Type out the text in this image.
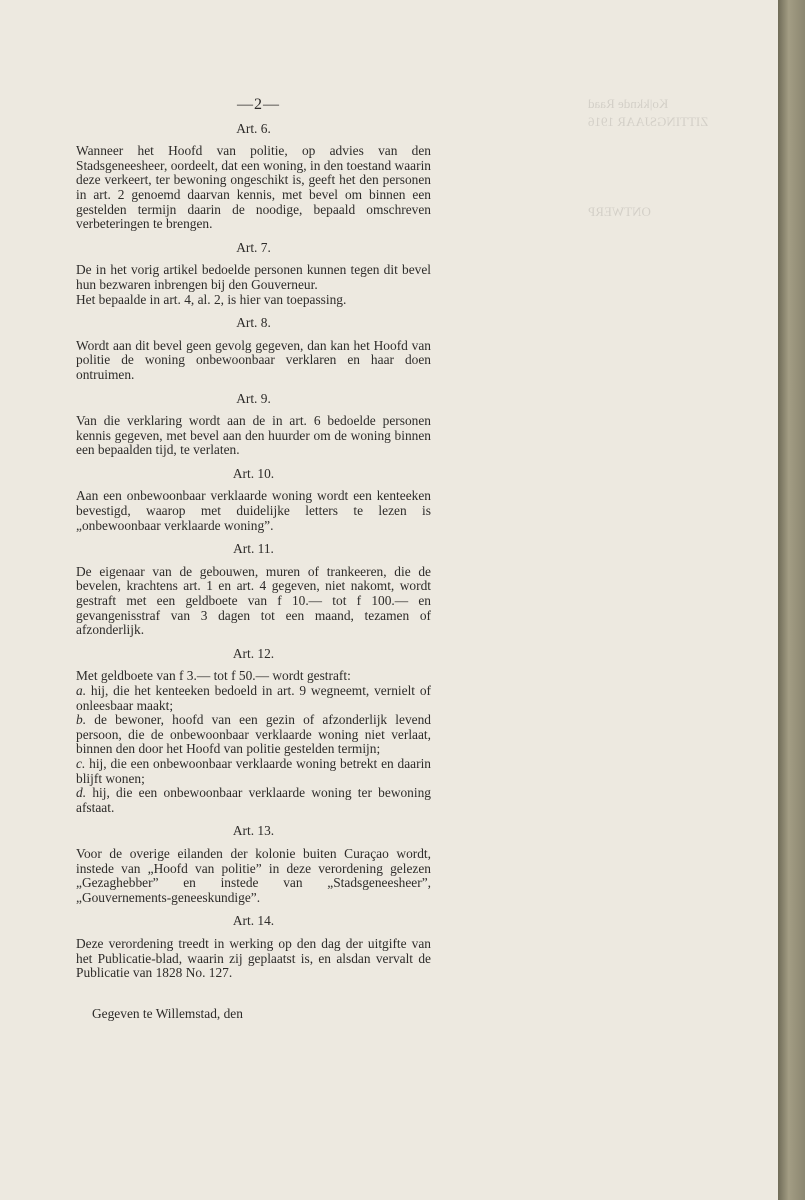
Ko|kknde Raad
ZITTINGSJAAR 1916

ONTWERP
—2—
Art. 6.
Wanneer het Hoofd van politie, op advies van den Stadsgeneesheer, oordeelt, dat een woning, in den toestand waarin deze verkeert, ter bewoning ongeschikt is, geeft het den personen in art. 2 genoemd daarvan kennis, met bevel om binnen een gestelden termijn daarin de noodige, bepaald omschreven verbeteringen te brengen.
Art. 7.
De in het vorig artikel bedoelde personen kunnen tegen dit bevel hun bezwaren inbrengen bij den Gouverneur.
Het bepaalde in art. 4, al. 2, is hier van toepassing.
Art. 8.
Wordt aan dit bevel geen gevolg gegeven, dan kan het Hoofd van politie de woning onbewoonbaar verklaren en haar doen ontruimen.
Art. 9.
Van die verklaring wordt aan de in art. 6 bedoelde personen kennis gegeven, met bevel aan den huurder om de woning binnen een bepaalden tijd, te verlaten.
Art. 10.
Aan een onbewoonbaar verklaarde woning wordt een kenteeken bevestigd, waarop met duidelijke letters te lezen is „onbewoonbaar verklaarde woning”.
Art. 11.
De eigenaar van de gebouwen, muren of trankeeren, die de bevelen, krachtens art. 1 en art. 4 gegeven, niet nakomt, wordt gestraft met een geldboete van f 10.— tot f 100.— en gevangenisstraf van 3 dagen tot een maand, tezamen of afzonderlijk.
Art. 12.
Met geldboete van f 3.— tot f 50.— wordt gestraft:
a. hij, die het kenteeken bedoeld in art. 9 wegneemt, vernielt of onleesbaar maakt;
b. de bewoner, hoofd van een gezin of afzonderlijk levend persoon, die de onbewoonbaar verklaarde woning niet verlaat, binnen den door het Hoofd van politie gestelden termijn;
c. hij, die een onbewoonbaar verklaarde woning betrekt en daarin blijft wonen;
d. hij, die een onbewoonbaar verklaarde woning ter bewoning afstaat.
Art. 13.
Voor de overige eilanden der kolonie buiten Curaçao wordt, instede van „Hoofd van politie” in deze verordening gelezen „Gezaghebber” en instede van „Stadsgeneesheer”, „Gouvernements-geneeskundige”.
Art. 14.
Deze verordening treedt in werking op den dag der uitgifte van het Publicatie-blad, waarin zij geplaatst is, en alsdan vervalt de Publicatie van 1828 No. 127.
Gegeven te Willemstad, den
